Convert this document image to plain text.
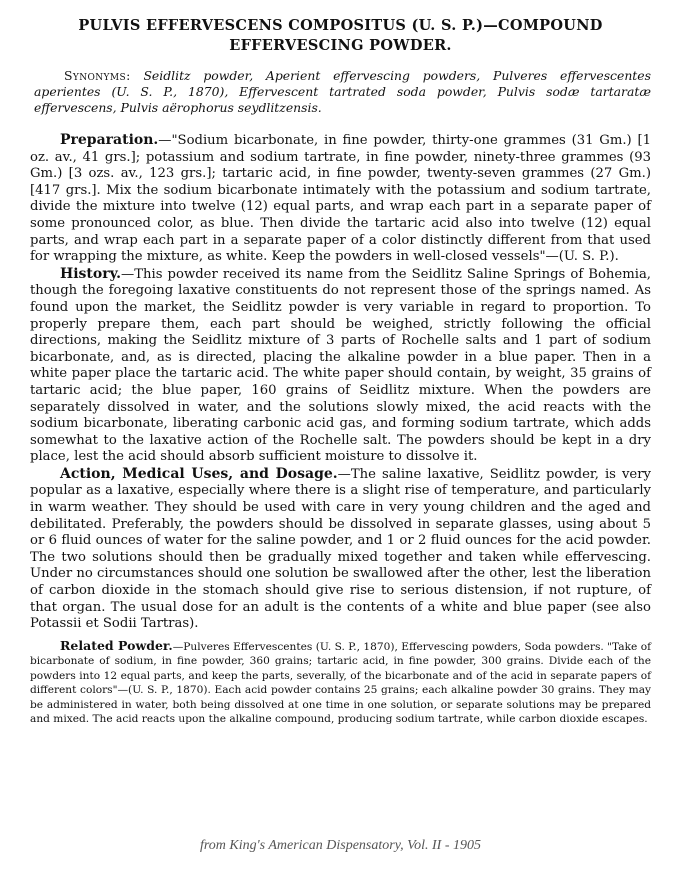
PULVIS EFFERVESCENS COMPOSITUS (U. S. P.)—COMPOUND
EFFERVESCING POWDER.

Synonyms: Seidlitz powder, Aperient effervescing powders, Pulveres effervescentes aperientes (U. S. P., 1870), Effervescent tartrated soda powder, Pulvis sodæ tartaratæ effervescens, Pulvis aërophorus seydlitzensis.

Preparation.—"Sodium bicarbonate, in fine powder, thirty-one grammes (31 Gm.) [1 oz. av., 41 grs.]; potassium and sodium tartrate, in fine powder, ninety-three grammes (93 Gm.) [3 ozs. av., 123 grs.]; tartaric acid, in fine powder, twenty-seven grammes (27 Gm.) [417 grs.]. Mix the sodium bicarbonate intimately with the potassium and sodium tartrate, divide the mixture into twelve (12) equal parts, and wrap each part in a separate paper of some pronounced color, as blue. Then divide the tartaric acid also into twelve (12) equal parts, and wrap each part in a separate paper of a color distinctly different from that used for wrapping the mixture, as white. Keep the powders in well-closed vessels"—(U. S. P.).

History.—This powder received its name from the Seidlitz Saline Springs of Bohemia, though the foregoing laxative constituents do not represent those of the springs named. As found upon the market, the Seidlitz powder is very variable in regard to proportion. To properly prepare them, each part should be weighed, strictly following the official directions, making the Seidlitz mixture of 3 parts of Rochelle salts and 1 part of sodium bicarbonate, and, as is directed, placing the alkaline powder in a blue paper. Then in a white paper place the tartaric acid. The white paper should contain, by weight, 35 grains of tartaric acid; the blue paper, 160 grains of Seidlitz mixture. When the powders are separately dissolved in water, and the solutions slowly mixed, the acid reacts with the sodium bicarbonate, liberating carbonic acid gas, and forming sodium tartrate, which adds somewhat to the laxative action of the Rochelle salt. The powders should be kept in a dry place, lest the acid should absorb sufficient moisture to dissolve it.

Action, Medical Uses, and Dosage.—The saline laxative, Seidlitz powder, is very popular as a laxative, especially where there is a slight rise of temperature, and particularly in warm weather. They should be used with care in very young children and the aged and debilitated. Preferably, the powders should be dissolved in separate glasses, using about 5 or 6 fluid ounces of water for the saline powder, and 1 or 2 fluid ounces for the acid powder. The two solutions should then be gradually mixed together and taken while effervescing. Under no circumstances should one solution be swallowed after the other, lest the liberation of carbon dioxide in the stomach should give rise to serious distension, if not rupture, of that organ. The usual dose for an adult is the contents of a white and blue paper (see also Potassii et Sodii Tartras).

Related Powder.—Pulveres Effervescentes (U. S. P., 1870), Effervescing powders, Soda powders. "Take of bicarbonate of sodium, in fine powder, 360 grains; tartaric acid, in fine powder, 300 grains. Divide each of the powders into 12 equal parts, and keep the parts, severally, of the bicarbonate and of the acid in separate papers of different colors"—(U. S. P., 1870). Each acid powder contains 25 grains; each alkaline powder 30 grains. They may be administered in water, both being dissolved at one time in one solution, or separate solutions may be prepared and mixed. The acid reacts upon the alkaline compound, producing sodium tartrate, while carbon dioxide escapes.

from King's American Dispensatory, Vol. II - 1905
